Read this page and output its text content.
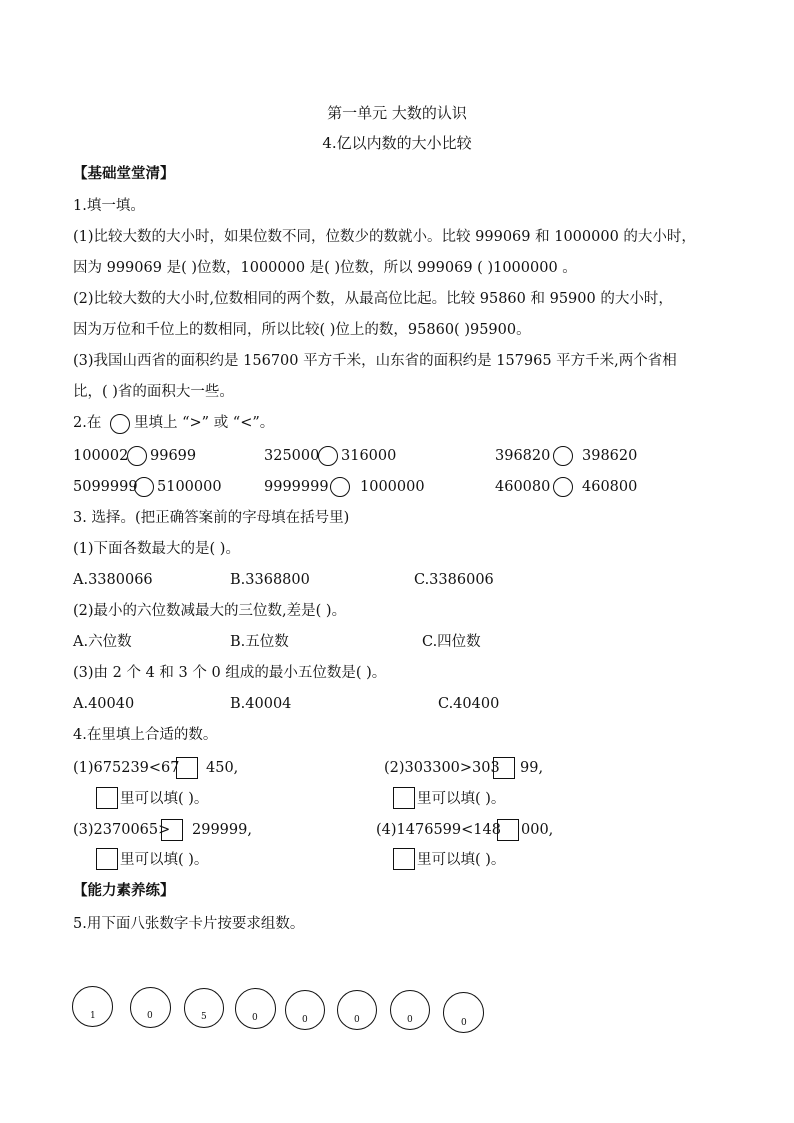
第一单元 大数的认识
4.亿以内数的大小比较
【基础堂堂清】
1.填一填。
(1)比较大数的大小时，如果位数不同，位数少的数就小。比较 999069 和 1000000 的大小时，
因为 999069 是( )位数，1000000 是( )位数，所以 999069 ( )1000000 。
(2)比较大数的大小时,位数相同的两个数，从最高位比起。比较 95860 和 95900 的大小时，
因为万位和千位上的数相同，所以比较( )位上的数，95860( )95900。
(3)我国山西省的面积约是 156700 平方千米，山东省的面积约是 157965 平方千米,两个省相
比，( )省的面积大一些。
2.在 里填上 “>” 或 “<”。
100002 99699	325000 316000	396820 398620
5099999 5100000	9999999 1000000	460080 460800
3. 选择。(把正确答案前的字母填在括号里)
(1)下面各数最大的是( )。
A.3380066	B.3368800	C.3386006
(2)最小的六位数减最大的三位数,差是( )。
A.六位数	B.五位数	C.四位数
(3)由 2 个 4 和 3 个 0 组成的最小五位数是( )。
A.40040	B.40004	C.40400
4.在里填上合适的数。
(1)675239<67 450,	(2)303300>303 99,
里可以填( )。	里可以填( )。
(3)2370065> 299999,	(4)1476599<148 000,
里可以填( )。	里可以填( )。
【能力素养练】
5.用下面八张数字卡片按要求组数。
1	0	5	0	0	0	0	0
